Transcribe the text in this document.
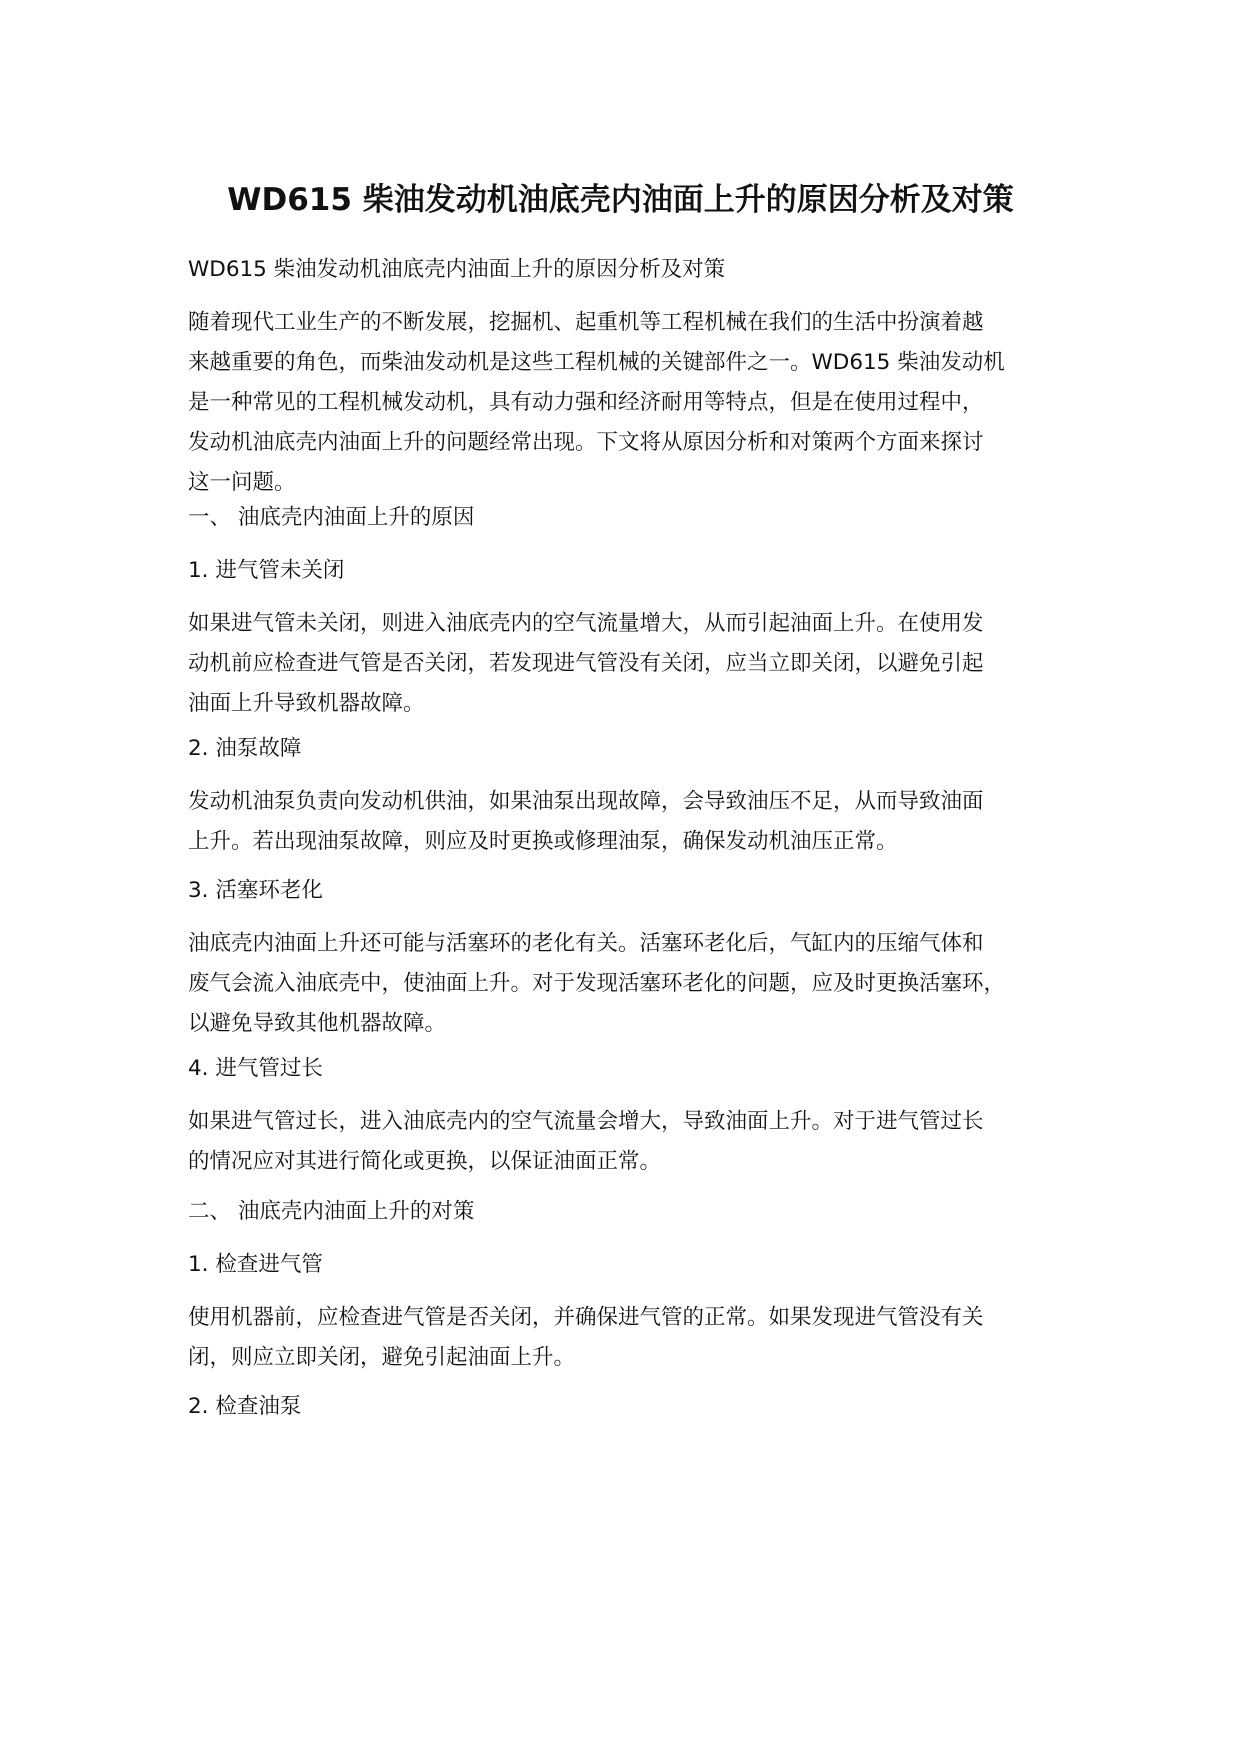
WD615 柴油发动机油底壳内油面上升的原因分析及对策

WD615 柴油发动机油底壳内油面上升的原因分析及对策

随着现代工业生产的不断发展，挖掘机、起重机等工程机械在我们的生活中扮演着越
来越重要的角色，而柴油发动机是这些工程机械的关键部件之一。WD615 柴油发动机
是一种常见的工程机械发动机，具有动力强和经济耐用等特点，但是在使用过程中，
发动机油底壳内油面上升的问题经常出现。下文将从原因分析和对策两个方面来探讨
这一问题。

一、 油底壳内油面上升的原因

1. 进气管未关闭

如果进气管未关闭，则进入油底壳内的空气流量增大，从而引起油面上升。在使用发
动机前应检查进气管是否关闭，若发现进气管没有关闭，应当立即关闭，以避免引起
油面上升导致机器故障。

2. 油泵故障

发动机油泵负责向发动机供油，如果油泵出现故障，会导致油压不足，从而导致油面
上升。若出现油泵故障，则应及时更换或修理油泵，确保发动机油压正常。

3. 活塞环老化

油底壳内油面上升还可能与活塞环的老化有关。活塞环老化后，气缸内的压缩气体和
废气会流入油底壳中，使油面上升。对于发现活塞环老化的问题，应及时更换活塞环，
以避免导致其他机器故障。

4. 进气管过长

如果进气管过长，进入油底壳内的空气流量会增大，导致油面上升。对于进气管过长
的情况应对其进行简化或更换，以保证油面正常。

二、 油底壳内油面上升的对策

1. 检查进气管

使用机器前，应检查进气管是否关闭，并确保进气管的正常。如果发现进气管没有关
闭，则应立即关闭，避免引起油面上升。

2. 检查油泵
